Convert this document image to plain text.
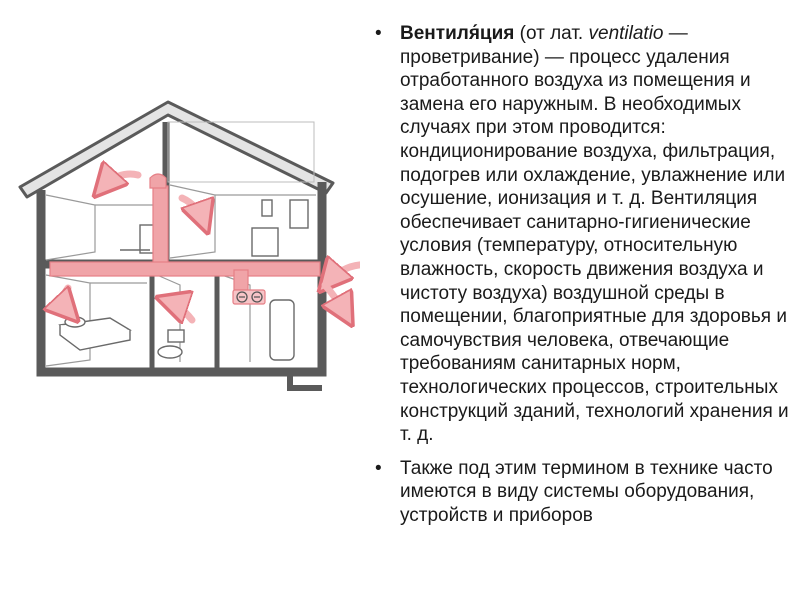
• Вентиля́ция (от лат. ventilatio — проветривание) — процесс удаления отработанного воздуха из помещения и замена его наружным. В необходимых случаях при этом проводится: кондиционирование воздуха, фильтрация, подогрев или охлаждение, увлажнение или осушение, ионизация и т. д. Вентиляция обеспечивает санитарно-гигиенические условия (температуру, относительную влажность, скорость движения воздуха и чистоту воздуха) воздушной среды в помещении, благоприятные для здоровья и самочувствия человека, отвечающие требованиям санитарных норм, технологических процессов, строительных конструкций зданий, технологий хранения и т. д.
• Также под этим термином в технике часто имеются в виду системы оборудования, устройств и приборов
